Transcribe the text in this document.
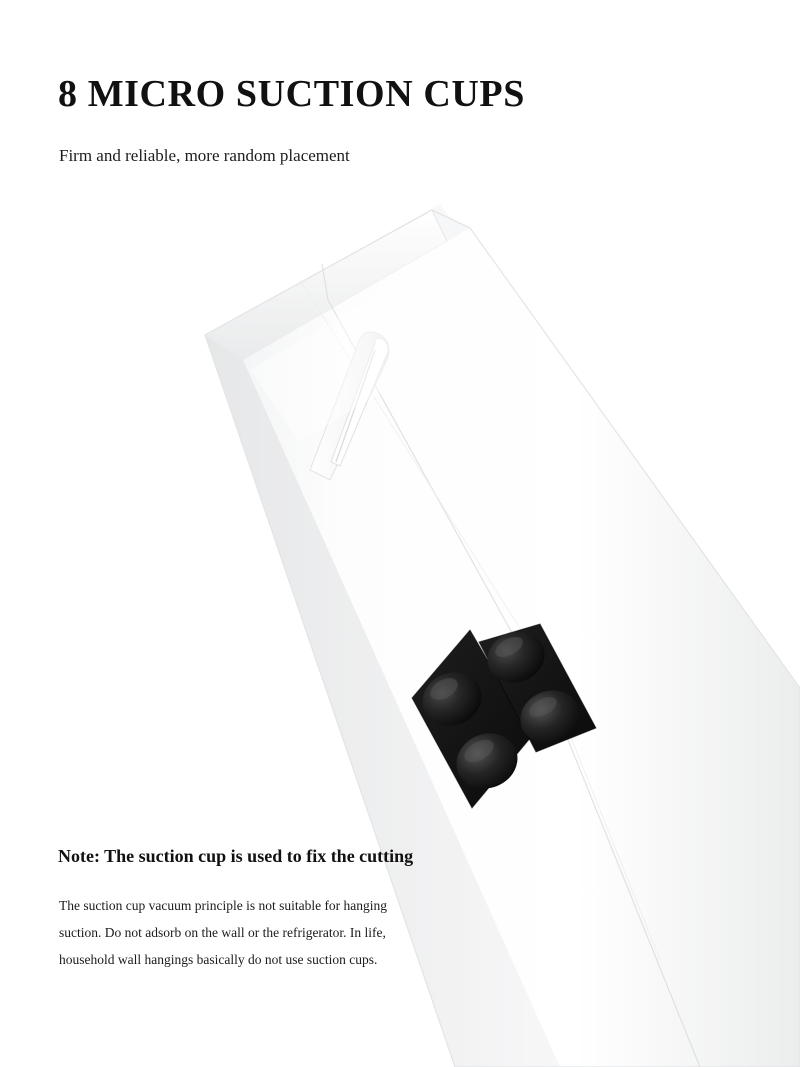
8 MICRO SUCTION CUPS
Firm and reliable, more random placement
Note: The suction cup is used to fix the cutting

The suction cup vacuum principle is not suitable for hanging

suction. Do not adsorb on the wall or the refrigerator. In life,

household wall hangings basically do not use suction cups.
